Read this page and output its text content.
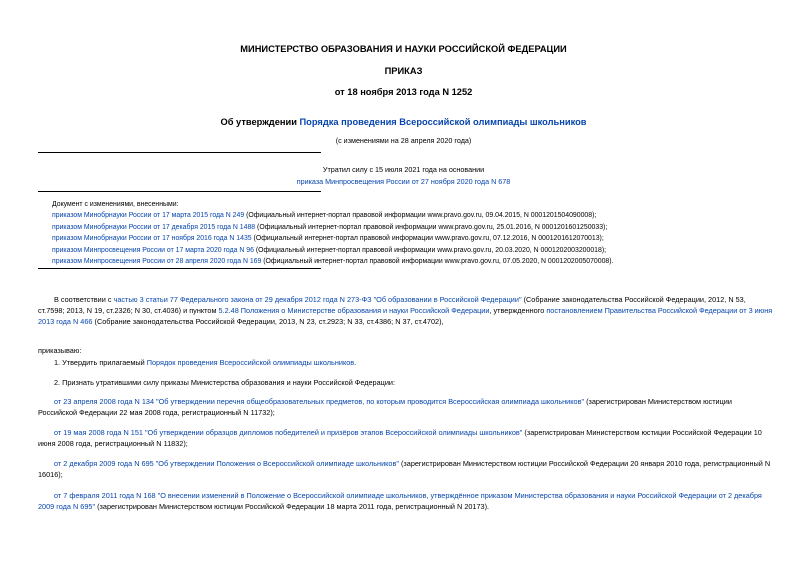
МИНИСТЕРСТВО ОБРАЗОВАНИЯ И НАУКИ РОССИЙСКОЙ ФЕДЕРАЦИИ
ПРИКАЗ
от 18 ноября 2013 года N 1252
Об утверждении Порядка проведения Всероссийской олимпиады школьников
(с изменениями на 28 апреля 2020 года)
Утратил силу с 15 июля 2021 года на основании
приказа Минпросвещения России от 27 ноября 2020 года N 678
Документ с изменениями, внесенными:
приказом Минобрнауки России от 17 марта 2015 года N 249 (Официальный интернет-портал правовой информации www.pravo.gov.ru, 09.04.2015, N 0001201504090008);
приказом Минобрнауки России от 17 декабря 2015 года N 1488 (Официальный интернет-портал правовой информации www.pravo.gov.ru, 25.01.2016, N 0001201601250033);
приказом Минобрнауки России от 17 ноября 2016 года N 1435 (Официальный интернет-портал правовой информации www.pravo.gov.ru, 07.12.2016, N 0001201612070013);
приказом Минпросвещения России от 17 марта 2020 года N 96 (Официальный интернет-портал правовой информации www.pravo.gov.ru, 20.03.2020, N 0001202003200018);
приказом Минпросвещения России от 28 апреля 2020 года N 169 (Официальный интернет-портал правовой информации www.pravo.gov.ru, 07.05.2020, N 0001202005070008).
В соответствии с частью 3 статьи 77 Федерального закона от 29 декабря 2012 года N 273-ФЗ "Об образовании в Российской Федерации" (Собрание законодательства Российской Федерации, 2012, N 53, ст.7598; 2013, N 19, ст.2326; N 30, ст.4036) и пунктом 5.2.48 Положения о Министерстве образования и науки Российской Федерации, утвержденного постановлением Правительства Российской Федерации от 3 июня 2013 года N 466 (Собрание законодательства Российской Федерации, 2013, N 23, ст.2923; N 33, ст.4386; N 37, ст.4702),
приказываю:
1. Утвердить прилагаемый Порядок проведения Всероссийской олимпиады школьников.
2. Признать утратившими силу приказы Министерства образования и науки Российской Федерации:
от 23 апреля 2008 года N 134 "Об утверждении перечня общеобразовательных предметов, по которым проводится Всероссийская олимпиада школьников" (зарегистрирован Министерством юстиции Российской Федерации 22 мая 2008 года, регистрационный N 11732);
от 19 мая 2008 года N 151 "Об утверждении образцов дипломов победителей и призёров этапов Всероссийской олимпиады школьников" (зарегистрирован Министерством юстиции Российской Федерации 10 июня 2008 года, регистрационный N 11832);
от 2 декабря 2009 года N 695 "Об утверждении Положения о Всероссийской олимпиаде школьников" (зарегистрирован Министерством юстиции Российской Федерации 20 января 2010 года, регистрационный N 16016);
от 7 февраля 2011 года N 168 "О внесении изменений в Положение о Всероссийской олимпиаде школьников, утверждённое приказом Министерства образования и науки Российской Федерации от 2 декабря 2009 года N 695" (зарегистрирован Министерством юстиции Российской Федерации 18 марта 2011 года, регистрационный N 20173).
